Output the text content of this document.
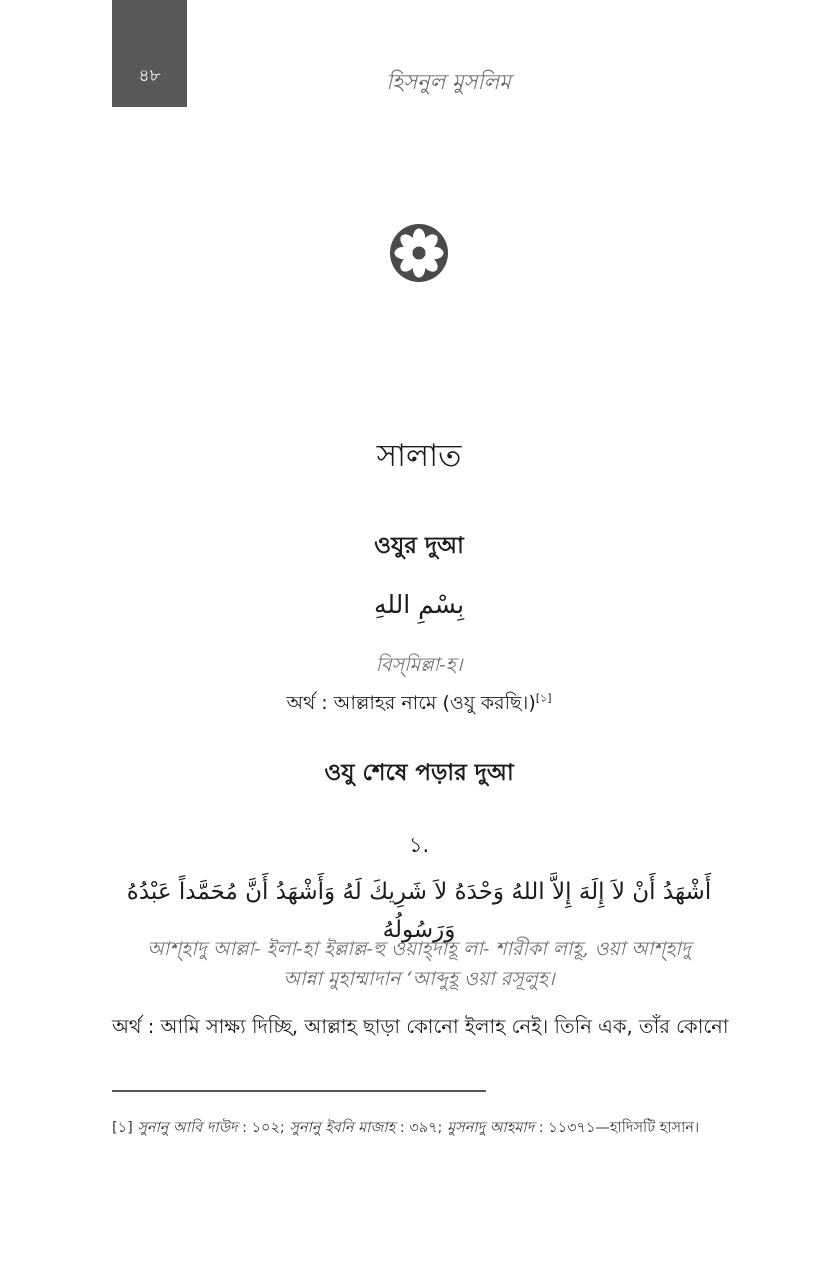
৪৮	হিসনুল মুসলিম
সালাত
ওযুর দুআ
بِسْمِ اللهِ
বিস্‌মিল্লা-হ।
অর্থ : আল্লাহর নামে (ওযু করছি।)[১]
ওযু শেষে পড়ার দুআ
১.
أَشْهَدُ أَنْ لاَ إِلَهَ إِلاَّ اللهُ وَحْدَهُ لاَ شَرِيكَ لَهُ وَأَشْهَدُ أَنَّ مُحَمَّداً عَبْدُهُ وَرَسُولُهُ
আশ্‌হাদু আল্লা- ইলা-হা ইল্লাল্ল-হু ওয়াহ্‌দাহূ লা- শারীকা লাহূ, ওয়া আশ্‌হাদু
আন্না মুহাম্মাদান ‘আব্দুহূ ওয়া রসূলুহ।
অর্থ : আমি সাক্ষ্য দিচ্ছি, আল্লাহ ছাড়া কোনো ইলাহ নেই। তিনি এক, তাঁর কোনো
[১] সুনানু আবি দাউদ : ১০২; সুনানু ইবনি মাজাহ : ৩৯৭; মুসনাদু আহমাদ : ১১৩৭১—হাদিসটি হাসান।
